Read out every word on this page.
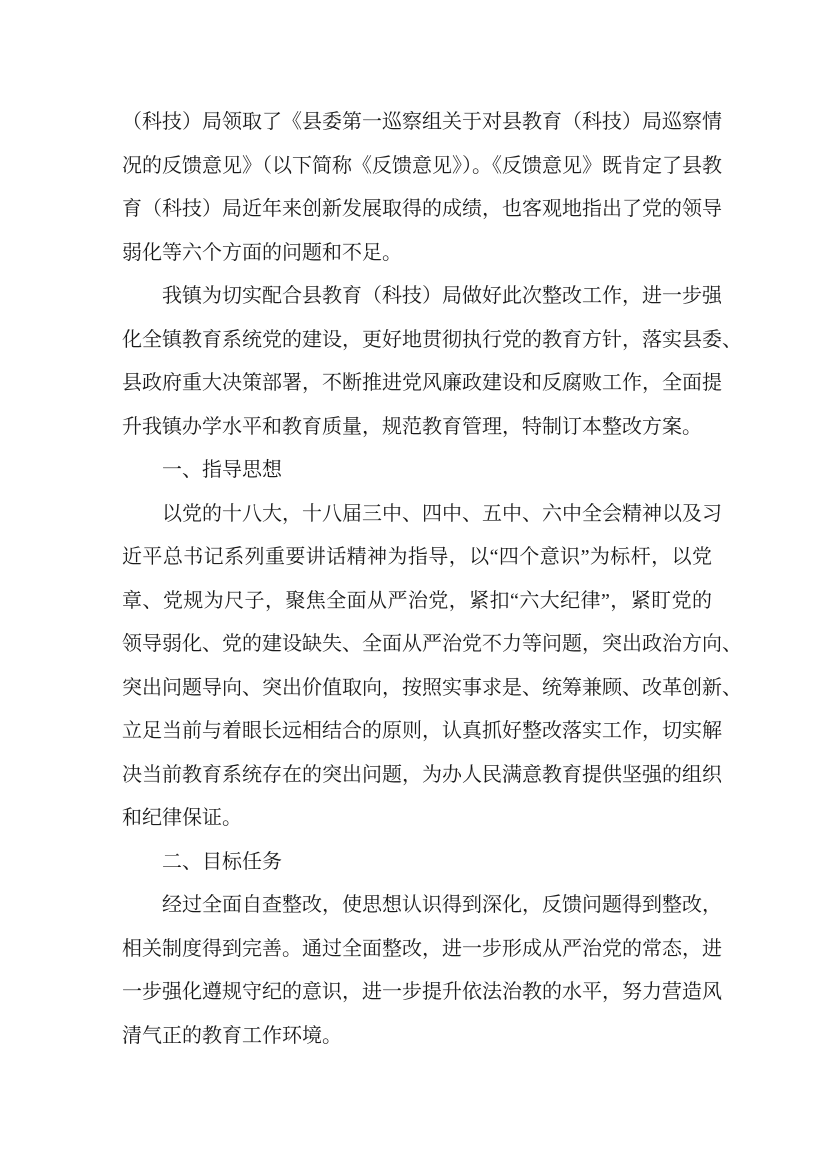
（科技）局领取了《县委第一巡察组关于对县教育（科技）局巡察情
况的反馈意见》（以下简称《反馈意见》）。《反馈意见》既肯定了县教
育（科技）局近年来创新发展取得的成绩，也客观地指出了党的领导
弱化等六个方面的问题和不足。
我镇为切实配合县教育（科技）局做好此次整改工作，进一步强
化全镇教育系统党的建设，更好地贯彻执行党的教育方针，落实县委、
县政府重大决策部署，不断推进党风廉政建设和反腐败工作，全面提
升我镇办学水平和教育质量，规范教育管理，特制订本整改方案。
一、指导思想
以党的十八大，十八届三中、四中、五中、六中全会精神以及习
近平总书记系列重要讲话精神为指导，以“四个意识”为标杆，以党
章、党规为尺子，聚焦全面从严治党，紧扣“六大纪律”，紧盯党的
领导弱化、党的建设缺失、全面从严治党不力等问题，突出政治方向、
突出问题导向、突出价值取向，按照实事求是、统筹兼顾、改革创新、
立足当前与着眼长远相结合的原则，认真抓好整改落实工作，切实解
决当前教育系统存在的突出问题，为办人民满意教育提供坚强的组织
和纪律保证。
二、目标任务
经过全面自查整改，使思想认识得到深化，反馈问题得到整改，
相关制度得到完善。通过全面整改，进一步形成从严治党的常态，进
一步强化遵规守纪的意识，进一步提升依法治教的水平，努力营造风
清气正的教育工作环境。
